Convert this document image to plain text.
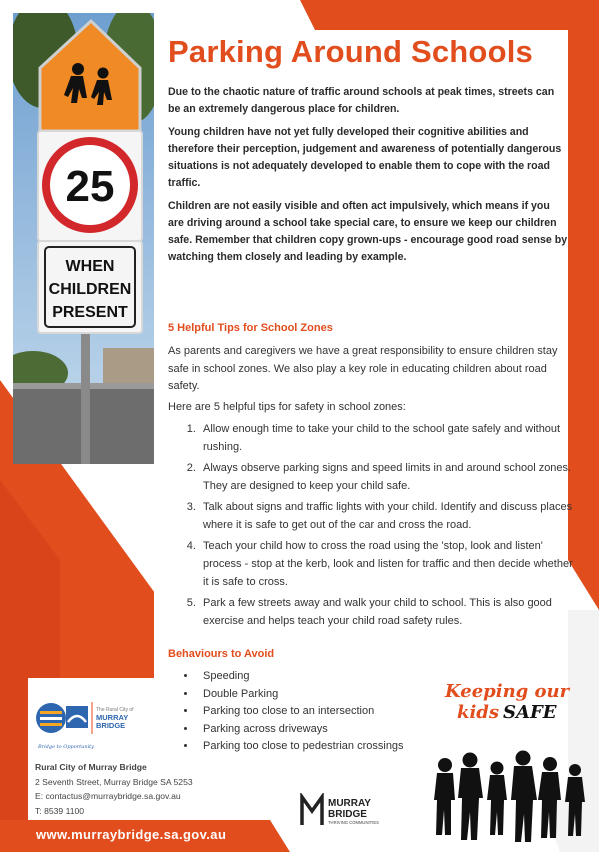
25
WHEN
CHILDREN
PRESENT
Parking Around Schools

Due to the chaotic nature of traffic around schools at peak times, streets can be an extremely dangerous place for children.

Young children have not yet fully developed their cognitive abilities and therefore their perception, judgement and awareness of potentially dangerous situations is not adequately developed to enable them to cope with the road traffic.

Children are not easily visible and often act impulsively, which means if you are driving around a school take special care, to ensure we keep our children safe. Remember that children copy grown-ups - encourage good road sense by watching them closely and leading by example.

5 Helpful Tips for School Zones
As parents and caregivers we have a great responsibility to ensure children stay safe in school zones. We also play a key role in educating children about road safety.
Here are 5 helpful tips for safety in school zones:
1. Allow enough time to take your child to the school gate safely and without rushing.
2. Always observe parking signs and speed limits in and around school zones. They are designed to keep your child safe.
3. Talk about signs and traffic lights with your child. Identify and discuss places where it is safe to get out of the car and cross the road.
4. Teach your child how to cross the road using the 'stop, look and listen' process - stop at the kerb, look and listen for traffic and then decide whether it is safe to cross.
5. Park a few streets away and walk your child to school. This is also good exercise and helps teach your child road safety rules.
Behaviours to Avoid
• Speeding
• Double Parking
• Parking too close to an intersection
• Parking across driveways
• Parking too close to pedestrian crossings
The Rural City of
MURRAY
BRIDGE
Bridge to Opportunity
Rural City of Murray Bridge
2 Seventh Street, Murray Bridge SA 5253
E: contactus@murraybridge.sa.gov.au
T: 8539 1100
MURRAY
BRIDGE
THRIVING COMMUNITIES
Keeping our
kids SAFE
www.murraybridge.sa.gov.au
